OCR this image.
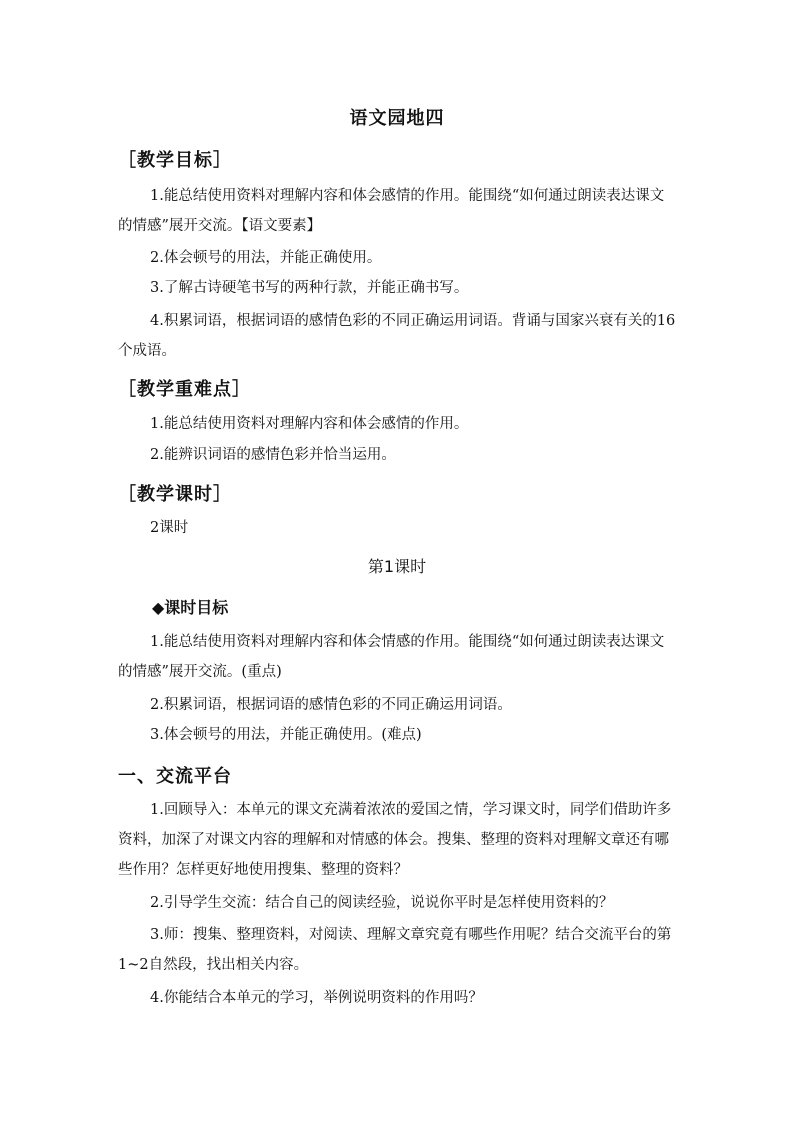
语文园地四
［教学目标］
1.能总结使用资料对理解内容和体会感情的作用。能围绕“如何通过朗读表达课文的情感”展开交流。【语文要素】
2.体会顿号的用法，并能正确使用。
3.了解古诗硬笔书写的两种行款，并能正确书写。
4.积累词语，根据词语的感情色彩的不同正确运用词语。背诵与国家兴衰有关的16个成语。
［教学重难点］
1.能总结使用资料对理解内容和体会感情的作用。
2.能辨识词语的感情色彩并恰当运用。
［教学课时］
2课时
第1课时
◆课时目标
1.能总结使用资料对理解内容和体会情感的作用。能围绕“如何通过朗读表达课文的情感”展开交流。(重点)
2.积累词语，根据词语的感情色彩的不同正确运用词语。
3.体会顿号的用法，并能正确使用。(难点)
一、交流平台
1.回顾导入：本单元的课文充满着浓浓的爱国之情，学习课文时，同学们借助许多资料，加深了对课文内容的理解和对情感的体会。搜集、整理的资料对理解文章还有哪些作用？怎样更好地使用搜集、整理的资料？
2.引导学生交流：结合自己的阅读经验，说说你平时是怎样使用资料的？
3.师：搜集、整理资料，对阅读、理解文章究竟有哪些作用呢？结合交流平台的第1~2自然段，找出相关内容。
4.你能结合本单元的学习，举例说明资料的作用吗？
